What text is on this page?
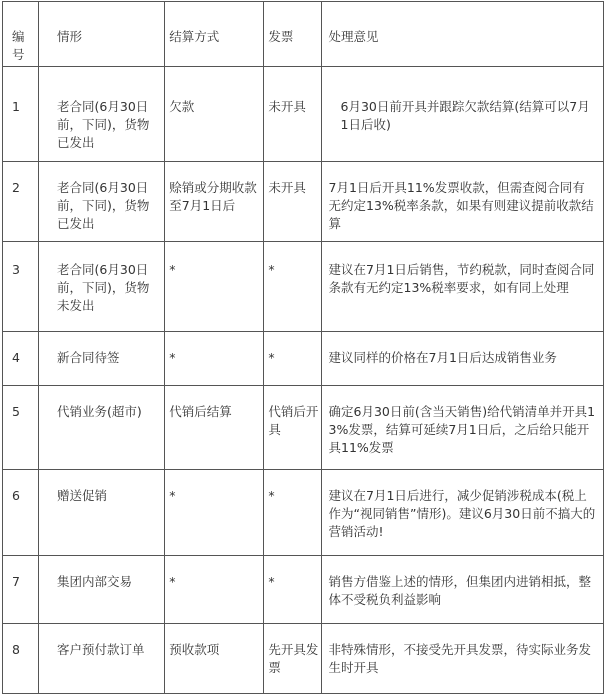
编号	情形	结算方式	发票	处理意见

1	老合同(6月30日前，下同)，货物已发出	欠款	未开具	6月30日前开具并跟踪欠款结算(结算可以7月1日后收)

2	老合同(6月30日前，下同)，货物已发出	赊销或分期收款至7月1日后	未开具	7月1日后开具11%发票收款，但需查阅合同有无约定13%税率条款，如果有则建议提前收款结算

3	老合同(6月30日前，下同)，货物未发出	*	*	建议在7月1日后销售，节约税款，同时查阅合同条款有无约定13%税率要求，如有同上处理

4	新合同待签	*	*	建议同样的价格在7月1日后达成销售业务

5	代销业务(超市)	代销后结算	代销后开具	确定6月30日前(含当天销售)给代销清单并开具13%发票，结算可延续7月1日后，之后给只能开具11%发票

6	赠送促销	*	*	建议在7月1日后进行，减少促销涉税成本(税上作为“视同销售”情形)。建议6月30日前不搞大的营销活动!

7	集团内部交易	*	*	销售方借鉴上述的情形，但集团内进销相抵，整体不受税负利益影响

8	客户预付款订单	预收款项	先开具发票	非特殊情形，不接受先开具发票，待实际业务发生时开具
